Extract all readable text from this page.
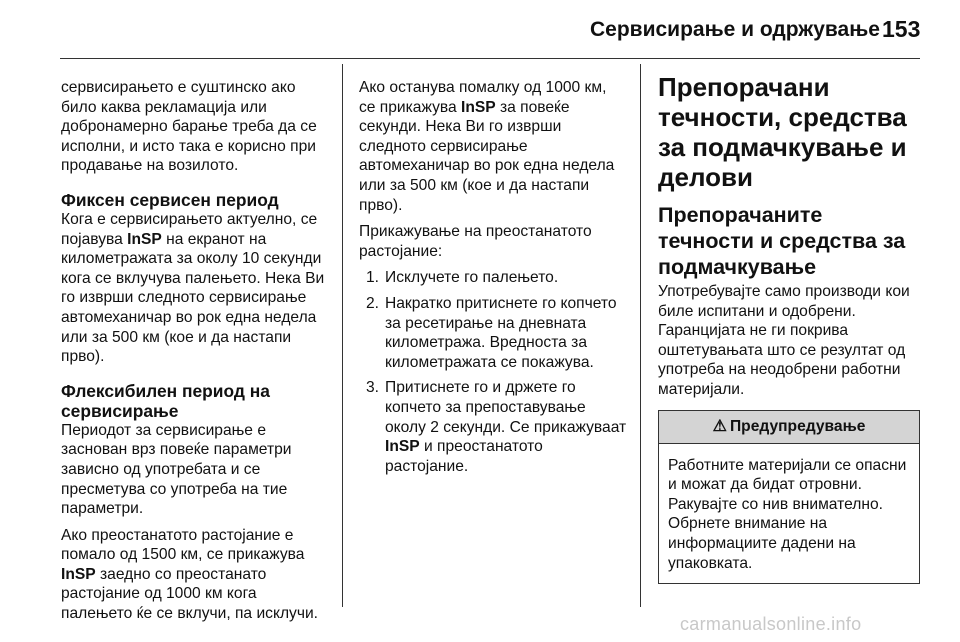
Сервисирање и одржување 153

сервисирањето е суштинско ако било каква рекламација или добронамерно барање треба да се исполни, и исто така е корисно при продавање на возилото.

Фиксен сервисен период

Кога е сервисирањето актуелно, се појавува InSP на екранот на километражата за околу 10 секунди кога се вклучува палењето. Нека Ви го изврши следното сервисирање автомеханичар во рок една недела или за 500 км (кое и да настапи прво).

Флексибилен период на сервисирање

Периодот за сервисирање е заснован врз повеќе параметри зависно од употребата и се пресметува со употреба на тие параметри.

Ако преостанатото растојание е помало од 1500 км, се прикажува InSP заедно со преостанато растојание од 1000 км кога палењето ќе се вклучи, па исклучи.

Ако останува помалку од 1000 км, се прикажува InSP за повеќе секунди. Нека Ви го изврши следното сервисирање автомеханичар во рок една недела или за 500 км (кое и да настапи прво).

Прикажување на преостанатото растојание:

1. Исклучете го палењето.
2. Накратко притиснете го копчето за ресетирање на дневната километража. Вредноста за километражата се покажува.
3. Притиснете го и држете го копчето за препоставување околу 2 секунди. Се прикажуваат InSP и преостанатото растојание.
Препорачани течности, средства за подмачкување и делови
Препорачаните течности и средства за подмачкување

Употребувајте само производи кои биле испитани и одобрени. Гаранцијата не ги покрива оштетувањата што се резултат од употреба на неодобрени работни материјали.

⚠ Предупредување
Работните материјали се опасни и можат да бидат отровни. Ракувајте со нив внимателно. Обрнете внимание на информациите дадени на упаковката.
carmanualsonline.info
